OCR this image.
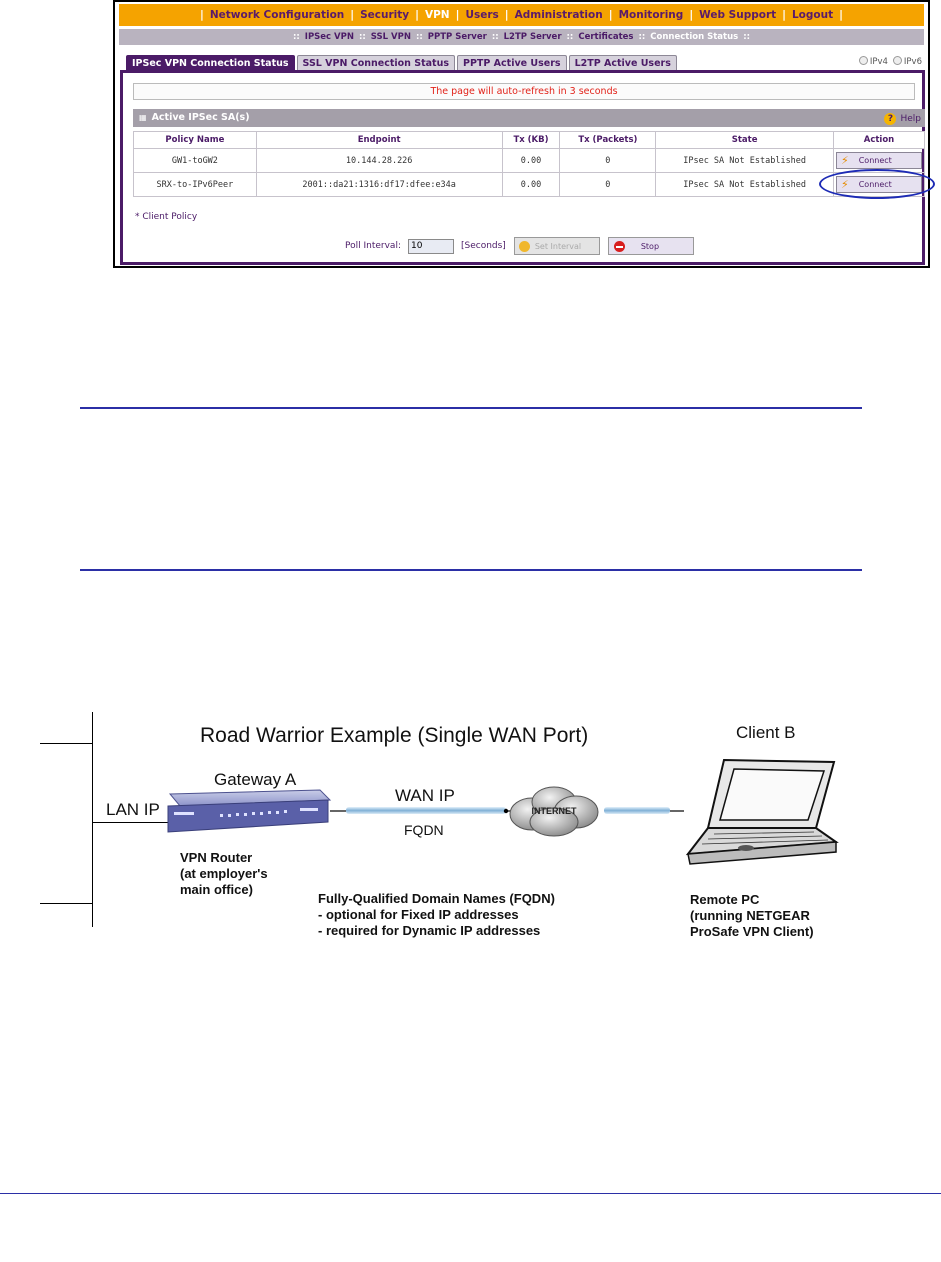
| Network Configuration | Security | VPN | Users | Administration | Monitoring | Web Support | Logout |
:: IPSec VPN :: SSL VPN :: PPTP Server :: L2TP Server :: Certificates :: Connection Status ::
IPSec VPN Connection Status	SSL VPN Connection Status	PPTP Active Users	L2TP Active Users	IPv4	IPv6
The page will auto-refresh in 3 seconds
▦ Active IPSec SA(s)	? Help
Policy Name	Endpoint	Tx (KB)	Tx (Packets)	State	Action
GW1-toGW2	10.144.28.226	0.00	0	IPsec SA Not Established	⚡ Connect

SRX-to-IPv6Peer	2001::da21:1316:df17:dfee:e34a	0.00	0	IPsec SA Not Established	⚡ Connect
* Client Policy
Poll Interval:
10	[Seconds]	Set Interval	Stop
Road Warrior Example (Single WAN Port)
Gateway A
Client B
LAN IP
WAN IP
FQDN
VPN Router
(at employer's
main office)
Fully-Qualified Domain Names (FQDN)
- optional for Fixed IP addresses
- required for Dynamic IP addresses
Remote PC
(running NETGEAR
ProSafe VPN Client)
INTERNET
